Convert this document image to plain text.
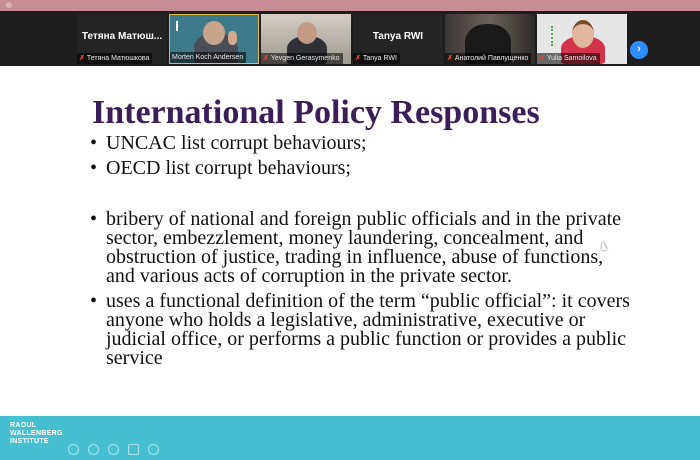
Тетяна Матюш...
✗ Тетяна Матюшкова	Morten Koch Andersen	✗ Yevgen Gerasymenko
Tanya RWI
✗ Tanya RWI	✗ Анатолий Павлущенко	✗ Yulia Samoilova
›
International Policy Responses
• UNCAC list corrupt behaviours;
• OECD list corrupt behaviours;
• bribery of national and foreign public officials and in the private sector, embezzlement, money laundering, concealment, and obstruction of justice, trading in influence, abuse of functions, and various acts of corruption in the private sector.
• uses a functional definition of the term “public official”: it covers anyone who holds a legislative, administrative, executive or judicial office, or performs a public function or provides a public service
RAOUL
WALLENBERG
INSTITUTE
